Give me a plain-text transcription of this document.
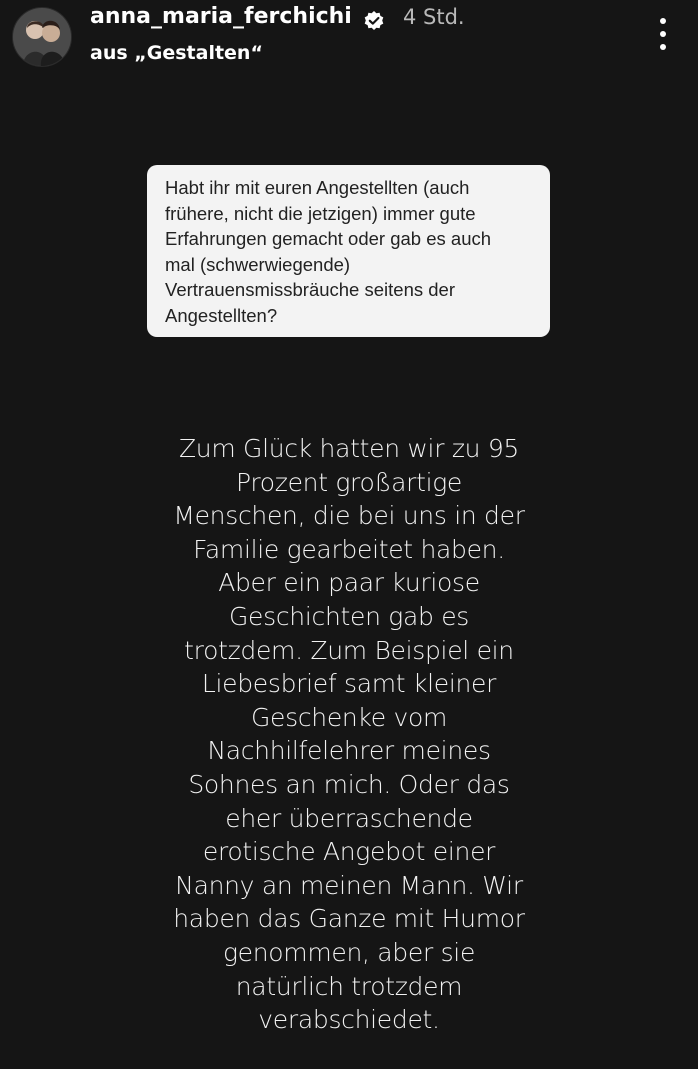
anna_maria_ferchichi 4 Std.
aus „Gestalten“
Habt ihr mit euren Angestellten (auch
frühere, nicht die jetzigen) immer gute
Erfahrungen gemacht oder gab es auch
mal (schwerwiegende)
Vertrauensmissbräuche seitens der
Angestellten?
Zum Glück hatten wir zu 95
Prozent großartige
Menschen, die bei uns in der
Familie gearbeitet haben.
Aber ein paar kuriose
Geschichten gab es
trotzdem. Zum Beispiel ein
Liebesbrief samt kleiner
Geschenke vom
Nachhilfelehrer meines
Sohnes an mich. Oder das
eher überraschende
erotische Angebot einer
Nanny an meinen Mann. Wir
haben das Ganze mit Humor
genommen, aber sie
natürlich trotzdem
verabschiedet.
